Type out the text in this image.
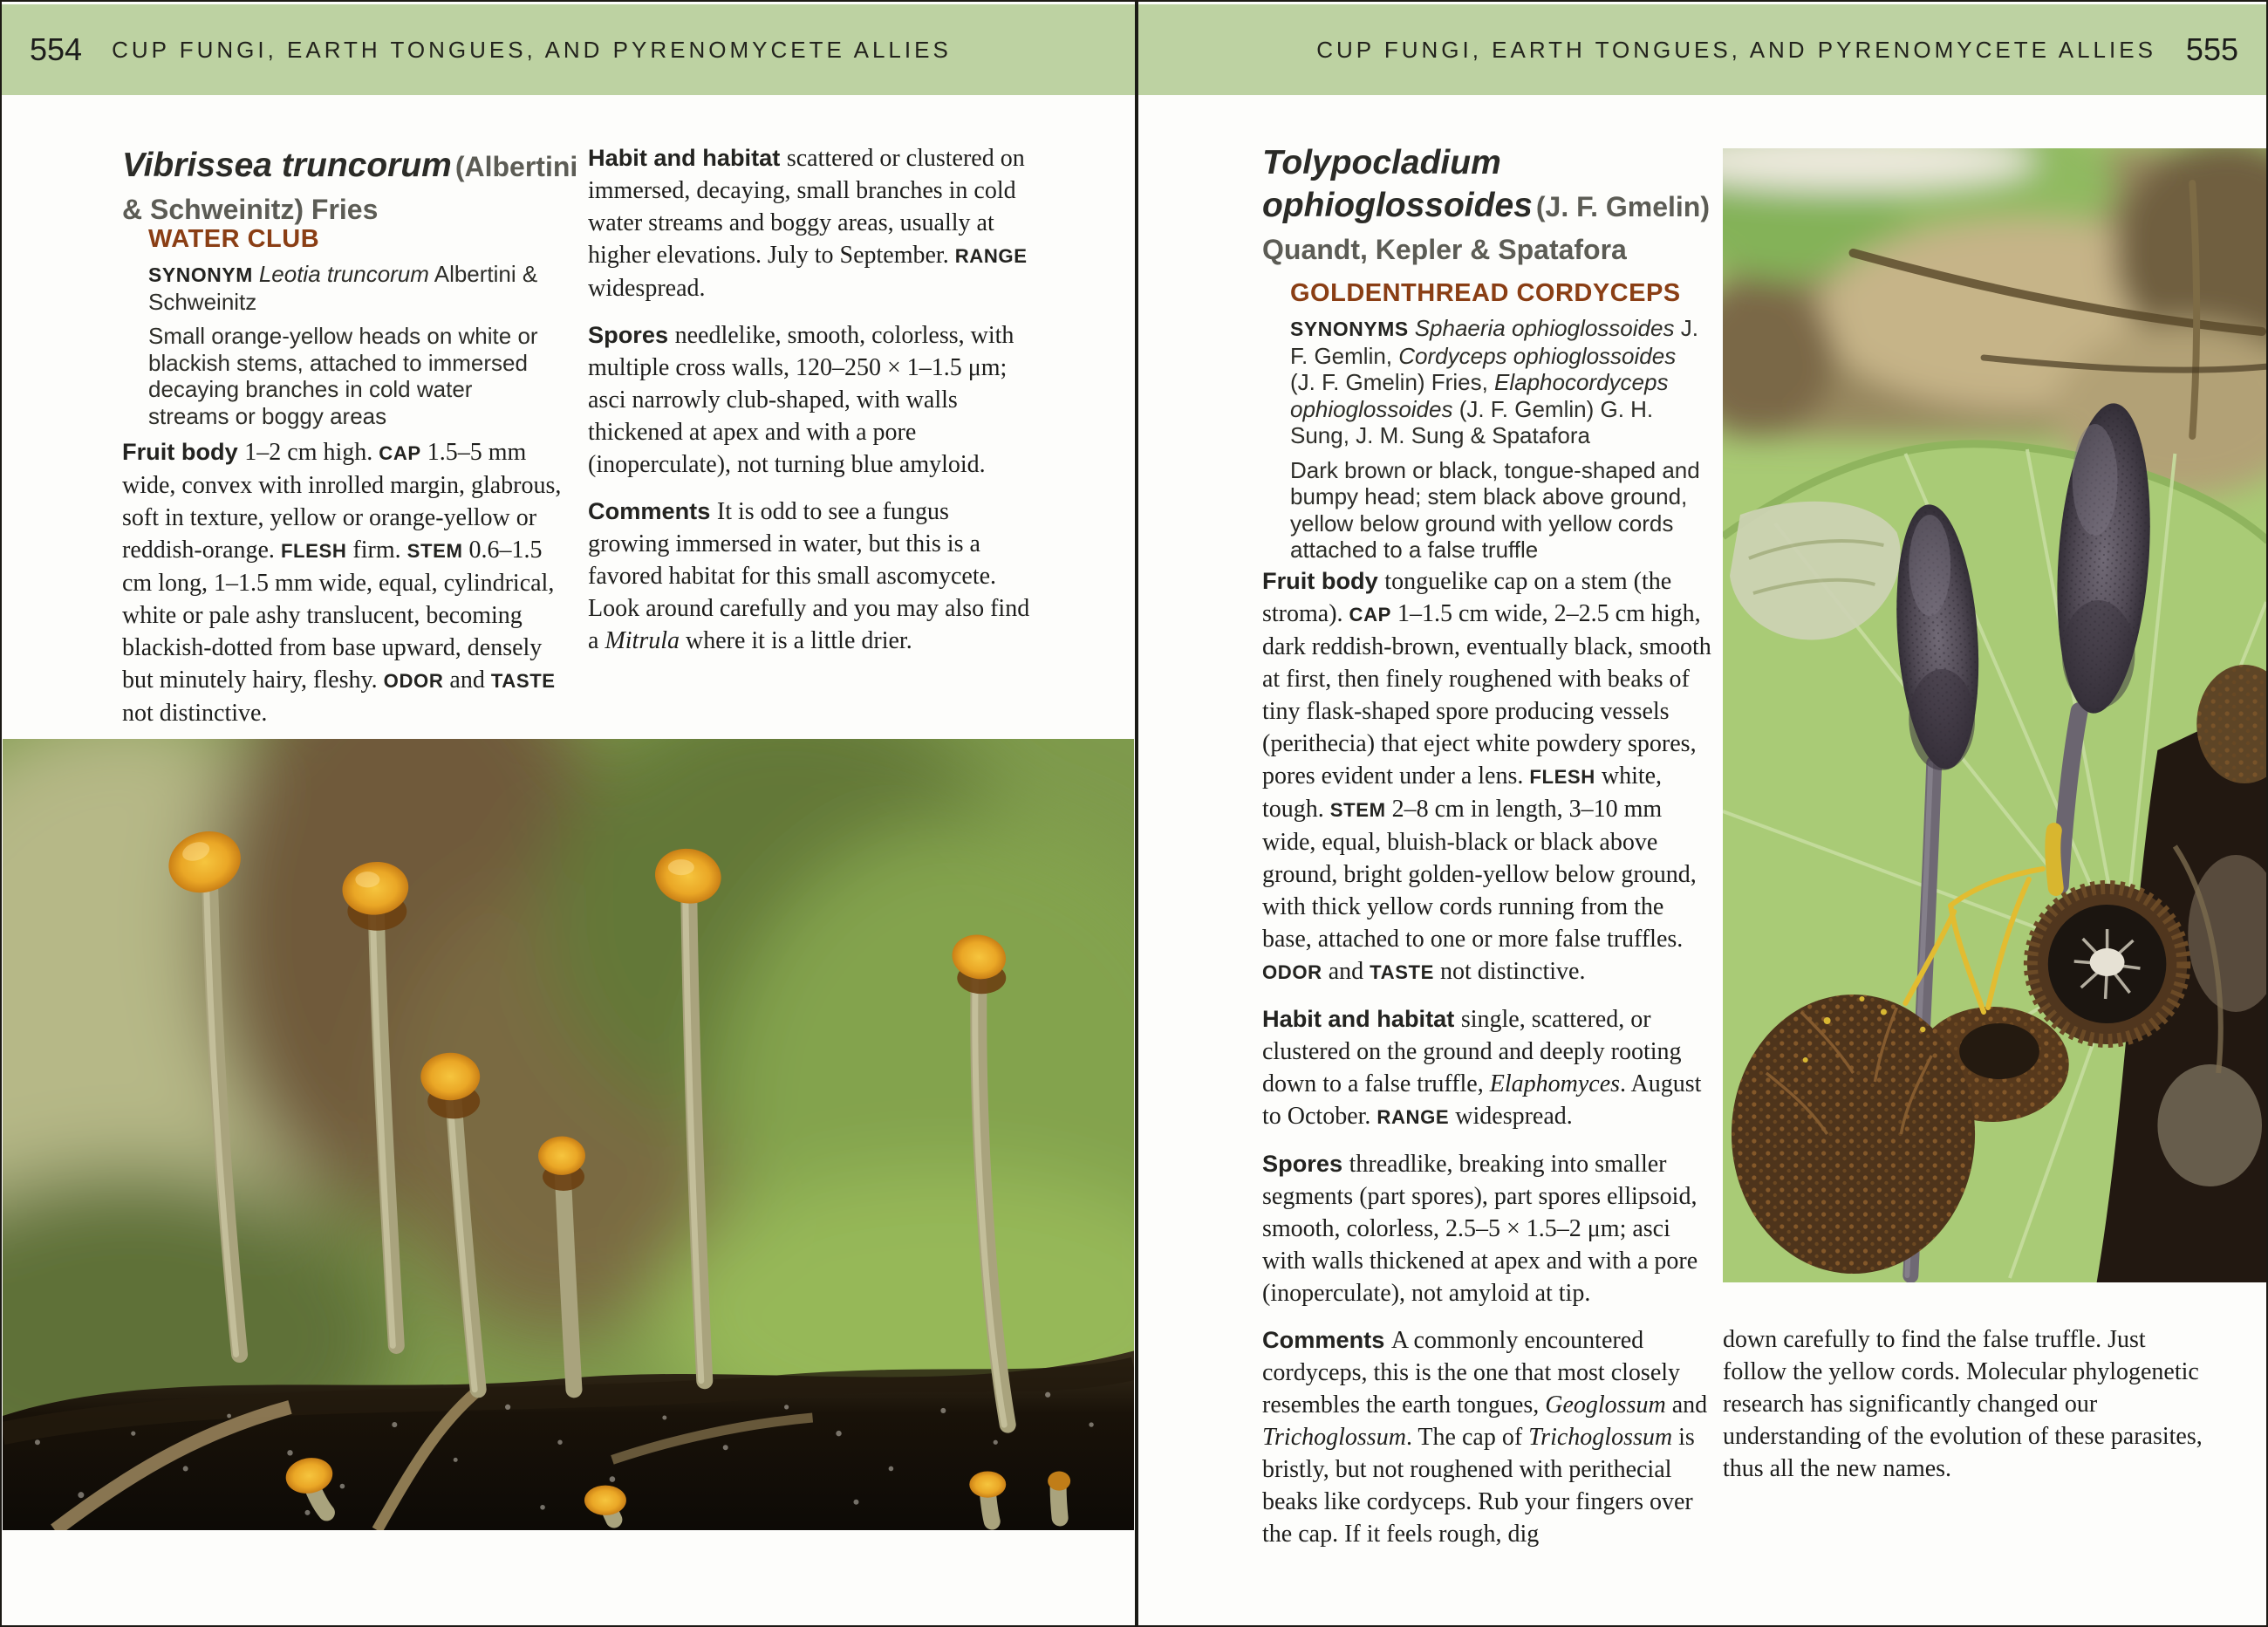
554 CUP FUNGI, EARTH TONGUES, AND PYRENOMYCETE ALLIES	CUP FUNGI, EARTH TONGUES, AND PYRENOMYCETE ALLIES 555
Vibrissea truncorum (Albertini & Schweinitz) Fries
WATER CLUB
SYNONYM Leotia truncorum Albertini & Schweinitz
Small orange-yellow heads on white or blackish stems, attached to immersed decaying branches in cold water streams or boggy areas
Fruit body 1–2 cm high. CAP 1.5–5 mm wide, convex with inrolled margin, glabrous, soft in texture, yellow or orange-yellow or reddish-orange. FLESH firm. STEM 0.6–1.5 cm long, 1–1.5 mm wide, equal, cylindrical, white or pale ashy translucent, becoming blackish-dotted from base upward, densely but minutely hairy, fleshy. ODOR and TASTE not distinctive.
Habit and habitat scattered or clustered on immersed, decaying, small branches in cold water streams and boggy areas, usually at higher elevations. July to September. RANGE widespread.
Spores needlelike, smooth, colorless, with multiple cross walls, 120–250 × 1–1.5 μm; asci narrowly club-shaped, with walls thickened at apex and with a pore (inoperculate), not turning blue amyloid.
Comments It is odd to see a fungus growing immersed in water, but this is a favored habitat for this small ascomycete. Look around carefully and you may also find a Mitrula where it is a little drier.
Tolypocladium ophioglossoides (J. F. Gmelin) Quandt, Kepler & Spatafora
GOLDENTHREAD CORDYCEPS
SYNONYMS Sphaeria ophioglossoides J. F. Gemlin, Cordyceps ophioglossoides (J. F. Gmelin) Fries, Elaphocordyceps ophioglossoides (J. F. Gemlin) G. H. Sung, J. M. Sung & Spatafora
Dark brown or black, tongue-shaped and bumpy head; stem black above ground, yellow below ground with yellow cords attached to a false truffle
Fruit body tonguelike cap on a stem (the stroma). CAP 1–1.5 cm wide, 2–2.5 cm high, dark reddish-brown, eventually black, smooth at first, then finely roughened with beaks of tiny flask-shaped spore producing vessels (perithecia) that eject white powdery spores, pores evident under a lens. FLESH white, tough. STEM 2–8 cm in length, 3–10 mm wide, equal, bluish-black or black above ground, bright golden-yellow below ground, with thick yellow cords running from the base, attached to one or more false truffles. ODOR and TASTE not distinctive.
Habit and habitat single, scattered, or clustered on the ground and deeply rooting down to a false truffle, Elaphomyces. August to October. RANGE widespread.
Spores threadlike, breaking into smaller segments (part spores), part spores ellipsoid, smooth, colorless, 2.5–5 × 1.5–2 μm; asci with walls thickened at apex and with a pore (inoperculate), not amyloid at tip.
Comments A commonly encountered cordyceps, this is the one that most closely resembles the earth tongues, Geoglossum and Trichoglossum. The cap of Trichoglossum is bristly, but not roughened with perithecial beaks like cordyceps. Rub your fingers over the cap. If it feels rough, dig
down carefully to find the false truffle. Just follow the yellow cords. Molecular phylogenetic research has significantly changed our understanding of the evolution of these parasites, thus all the new names.
